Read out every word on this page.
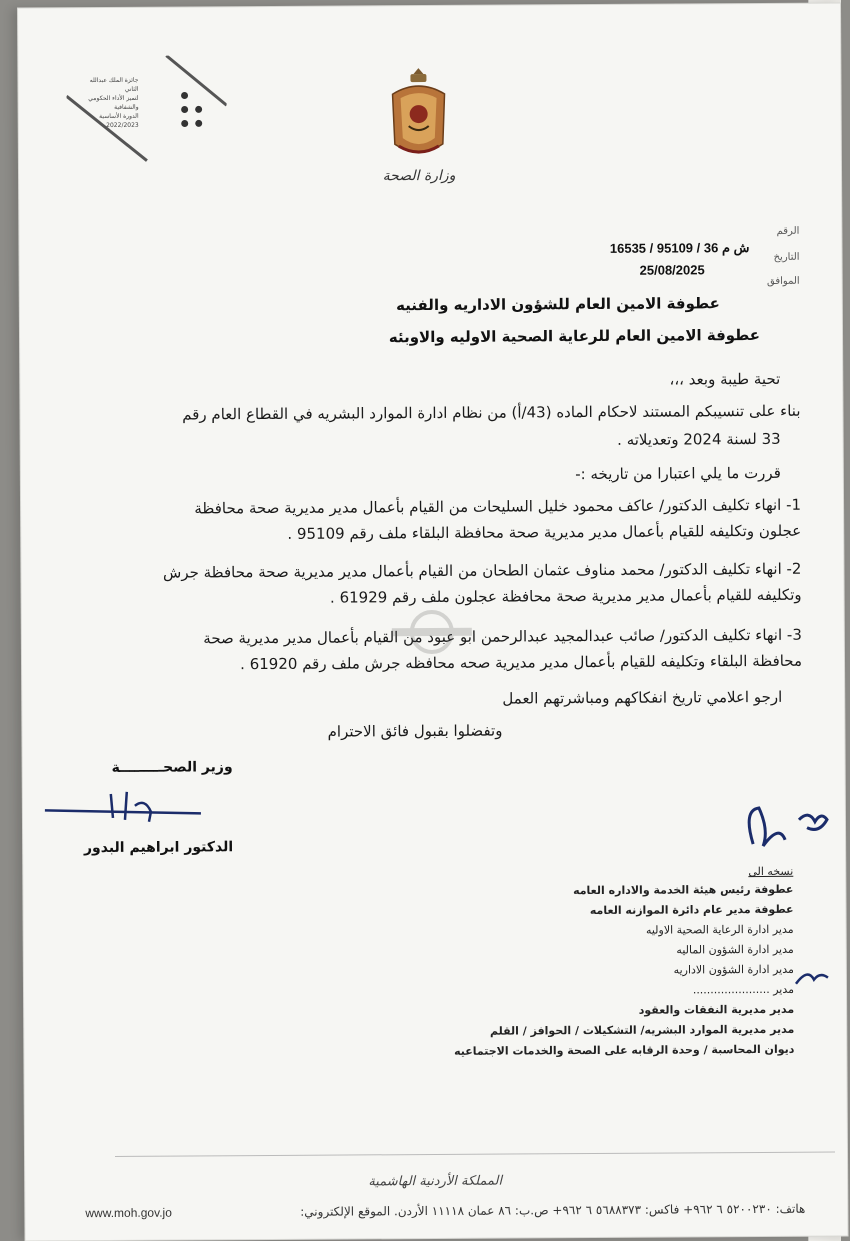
جائزة الملك عبدالله الثاني
لتميز الأداء الحكومي والشفافية
الدورة الأساسية
2022/2023
وزارة الصحة
الرقم
ش م 36 / 95109 / 16535
التاريخ
25/08/2025
الموافق
عطوفة الامين العام للشؤون الاداريه والفنيه
عطوفة الامين العام للرعاية الصحية الاوليه والاوبئه
تحية طيبة وبعد ،،،
بناء على تنسيبكم المستند لاحكام الماده (43/أ) من نظام ادارة الموارد البشريه في القطاع العام رقم
33 لسنة 2024 وتعديلاته .
قررت ما يلي اعتبارا من تاريخه :-
1- انهاء تكليف الدكتور/ عاكف محمود خليل السليحات من القيام بأعمال مدير مديرية صحة محافظة
عجلون وتكليفه للقيام بأعمال مدير مديرية صحة محافظة البلقاء ملف رقم 95109 .
2- انهاء تكليف الدكتور/ محمد مناوف عثمان الطحان من القيام بأعمال مدير مديرية صحة محافظة جرش
وتكليفه للقيام بأعمال مدير مديرية صحة محافظة عجلون ملف رقم 61929 .
3- انهاء تكليف الدكتور/ صائب عبدالمجيد عبدالرحمن ابو عبود من القيام بأعمال مدير مديرية صحة
محافظة البلقاء وتكليفه للقيام بأعمال مدير مديرية صحه محافظه جرش ملف رقم 61920 .
ارجو اعلامي تاريخ انفكاكهم ومباشرتهم العمل
وتفضلوا بقبول فائق الاحترام
وزير الصحـــــــــة
الدكتور ابراهيم البدور
نسخه الى
عطوفة رئيس هيئة الخدمة والاداره العامه
عطوفة مدير عام دائرة الموازنه العامه
مدير ادارة الرعاية الصحية الاوليه
مدير ادارة الشؤون الماليه
مدير ادارة الشؤون الاداريه
مدير ......................
مدير مديرية النفقات والعقود
مدير مديرية الموارد البشريه/ التشكيلات / الحوافز / القلم
ديوان المحاسبة / وحدة الرقابه على الصحة والخدمات الاجتماعيه
المملكة الأردنية الهاشمية
هاتف: ٥٢٠٠٢٣٠ ٦ ٩٦٢+ فاكس: ٥٦٨٨٣٧٣ ٦ ٩٦٢+ ص.ب: ٨٦ عمان ١١١١٨ الأردن. الموقع الإلكتروني:
www.moh.gov.jo
